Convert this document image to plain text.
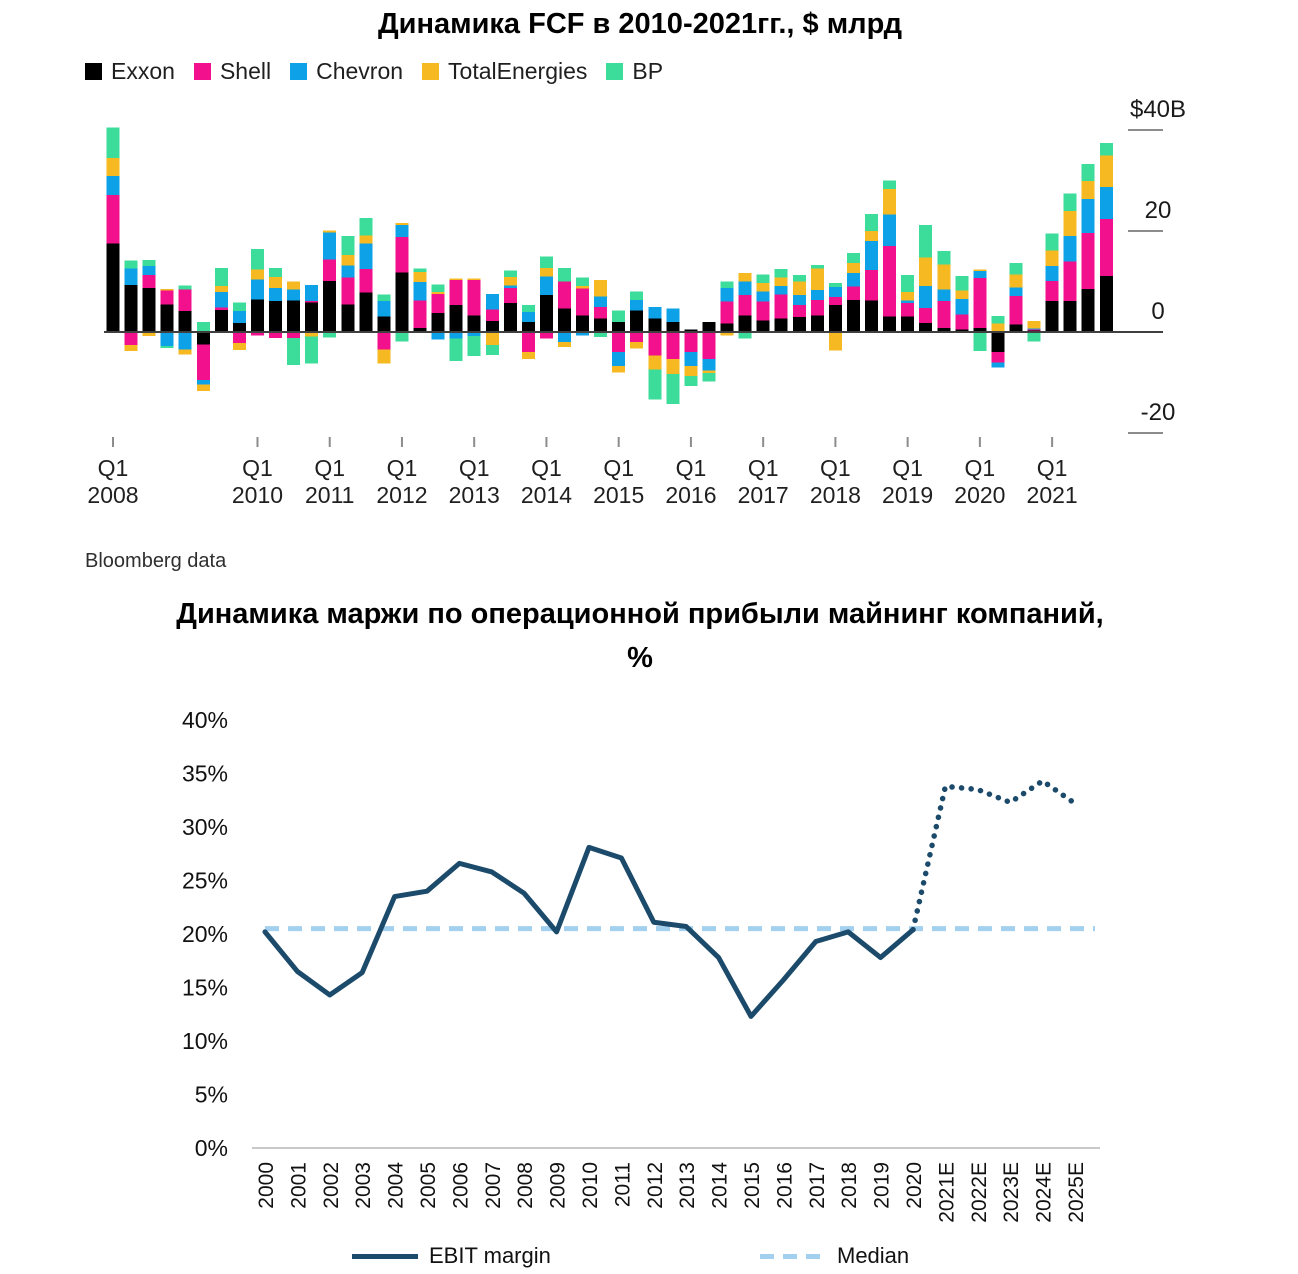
Динамика FCF в 2010-2021гг., $ млрд
Exxon Shell Chevron TotalEnergies BP
$40B
20
0
-20
Q1
2008
Q1
2010
Q1
2011
Q1
2012
Q1
2013
Q1
2014
Q1
2015
Q1
2016
Q1
2017
Q1
2018
Q1
2019
Q1
2020
Q1
2021
Bloomberg data
Динамика маржи по операционной прибыли майнинг компаний,
%
0%
5%
10%
15%
20%
25%
30%
35%
40%
2000 2001 2002 2003 2004 2005 2006 2007 2008 2009 2010 2011 2012 2013 2014 2015 2016 2017 2018 2019 2020 2021E 2022E 2023E 2024E 2025E
EBIT margin	Median
